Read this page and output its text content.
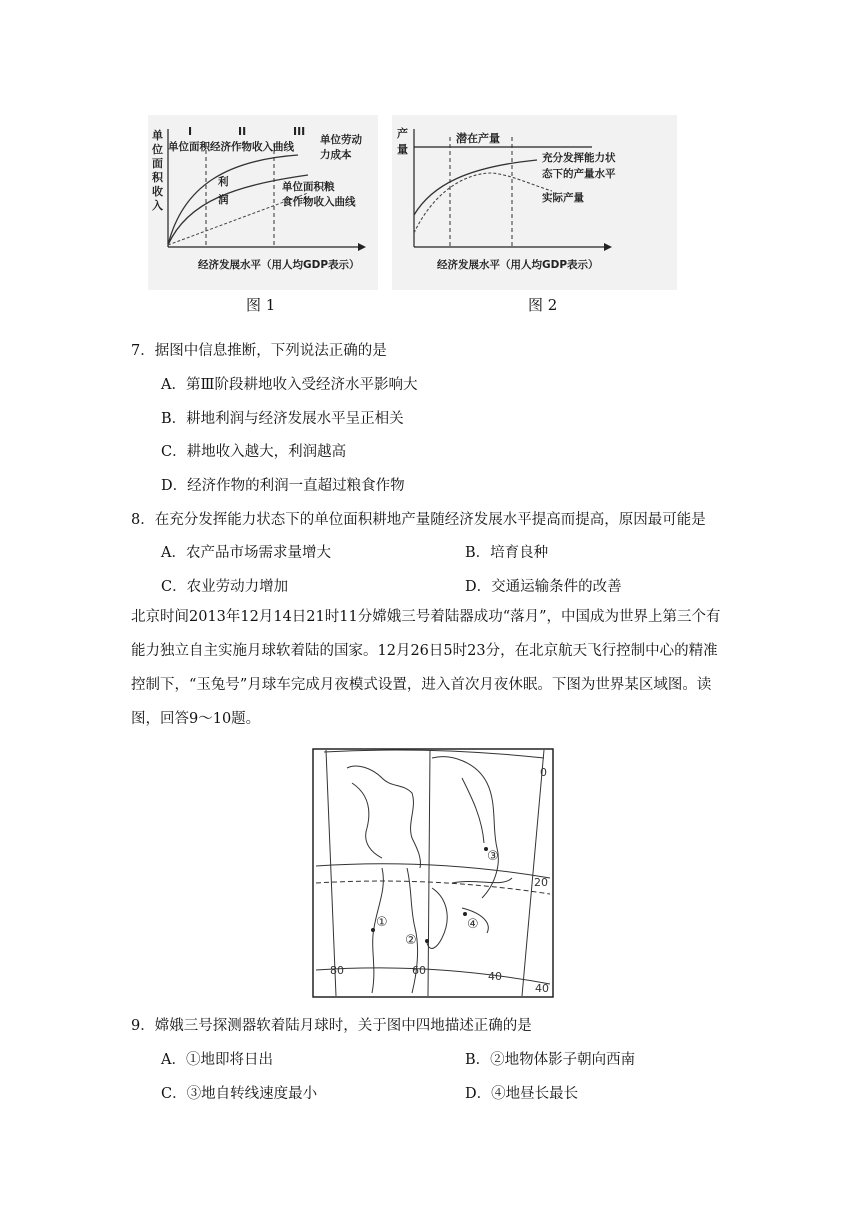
单
位
面
积
收
入
I	II	III
单位面积经济作物收入曲线
单位劳动
力成本
利
润
单位面积粮
食作物收入曲线
经济发展水平（用人均GDP表示）
产
量
潜在产量
充分发挥能力状
态下的产量水平
实际产量
经济发展水平（用人均GDP表示）
图 1	图 2
7．据图中信息推断，下列说法正确的是
A．第Ⅲ阶段耕地收入受经济水平影响大
B．耕地利润与经济发展水平呈正相关
C．耕地收入越大，利润越高
D．经济作物的利润一直超过粮食作物
8．在充分发挥能力状态下的单位面积耕地产量随经济发展水平提高而提高，原因最可能是
A．农产品市场需求量增大	B．培育良种
C．农业劳动力增加	D．交通运输条件的改善
北京时间2013年12月14日21时11分嫦娥三号着陆器成功“落月”，中国成为世界上第三个有能力独立自主实施月球软着陆的国家。12月26日5时23分，在北京航天飞行控制中心的精准控制下，“玉兔号”月球车完成月夜模式设置，进入首次月夜休眠。下图为世界某区域图。读图，回答9～10题。
0
20
40
40
60
80
①
②
③
④
9．嫦娥三号探测器软着陆月球时，关于图中四地描述正确的是
A．①地即将日出	B．②地物体影子朝向西南
C．③地自转线速度最小	D．④地昼长最长
